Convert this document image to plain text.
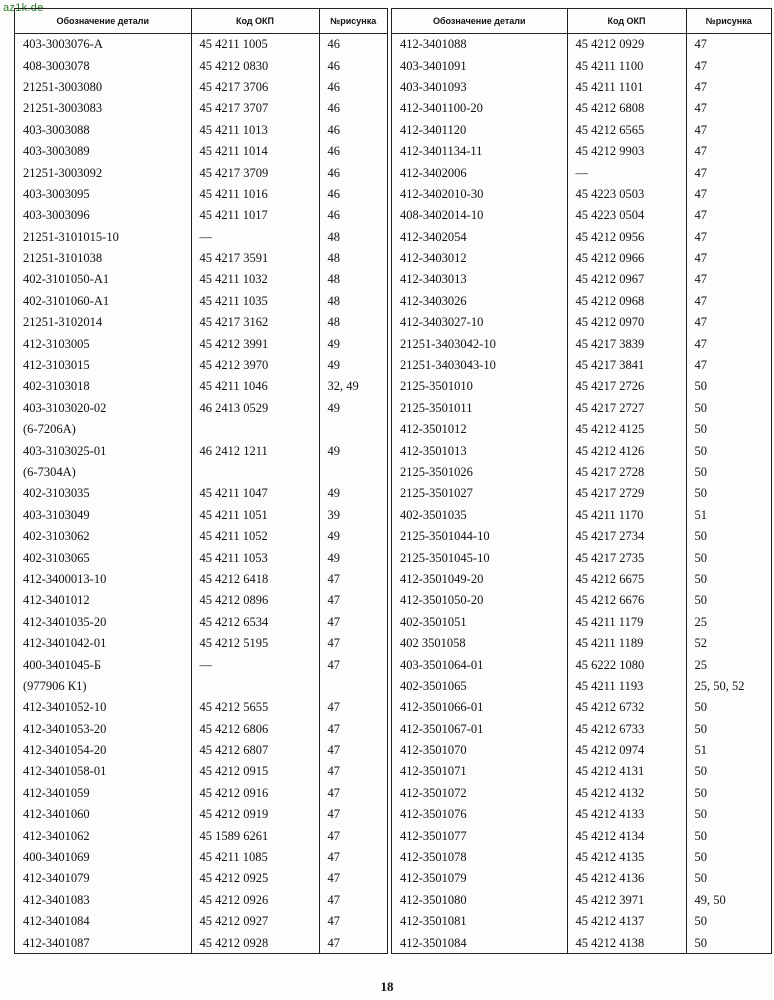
az1k.de
Обозначение детали	Код ОКП	№рисунка
403-3003076-А	45 4211 1005	46
408-3003078	45 4212 0830	46
21251-3003080	45 4217 3706	46
21251-3003083	45 4217 3707	46
403-3003088	45 4211 1013	46
403-3003089	45 4211 1014	46
21251-3003092	45 4217 3709	46
403-3003095	45 4211 1016	46
403-3003096	45 4211 1017	46
21251-3101015-10	—	48
21251-3101038	45 4217 3591	48
402-3101050-А1	45 4211 1032	48
402-3101060-А1	45 4211 1035	48
21251-3102014	45 4217 3162	48
412-3103005	45 4212 3991	49
412-3103015	45 4212 3970	49
402-3103018	45 4211 1046	32, 49
403-3103020-02	46 2413 0529	49
(6-7206А)		
403-3103025-01	46 2412 1211	49
(6-7304А)		
402-3103035	45 4211 1047	49
403-3103049	45 4211 1051	39
402-3103062	45 4211 1052	49
402-3103065	45 4211 1053	49
412-3400013-10	45 4212 6418	47
412-3401012	45 4212 0896	47
412-3401035-20	45 4212 6534	47
412-3401042-01	45 4212 5195	47
400-3401045-Б	—	47
(977906 К1)		
412-3401052-10	45 4212 5655	47
412-3401053-20	45 4212 6806	47
412-3401054-20	45 4212 6807	47
412-3401058-01	45 4212 0915	47
412-3401059	45 4212 0916	47
412-3401060	45 4212 0919	47
412-3401062	45 1589 6261	47
400-3401069	45 4211 1085	47
412-3401079	45 4212 0925	47
412-3401083	45 4212 0926	47
412-3401084	45 4212 0927	47
412-3401087	45 4212 0928	47
Обозначение детали	Код ОКП	№рисунка
412-3401088	45 4212 0929	47
403-3401091	45 4211 1100	47
403-3401093	45 4211 1101	47
412-3401100-20	45 4212 6808	47
412-3401120	45 4212 6565	47
412-3401134-11	45 4212 9903	47
412-3402006	—	47
412-3402010-30	45 4223 0503	47
408-3402014-10	45 4223 0504	47
412-3402054	45 4212 0956	47
412-3403012	45 4212 0966	47
412-3403013	45 4212 0967	47
412-3403026	45 4212 0968	47
412-3403027-10	45 4212 0970	47
21251-3403042-10	45 4217 3839	47
21251-3403043-10	45 4217 3841	47
2125-3501010	45 4217 2726	50
2125-3501011	45 4217 2727	50
412-3501012	45 4212 4125	50
412-3501013	45 4212 4126	50
2125-3501026	45 4217 2728	50
2125-3501027	45 4217 2729	50
402-3501035	45 4211 1170	51
2125-3501044-10	45 4217 2734	50
2125-3501045-10	45 4217 2735	50
412-3501049-20	45 4212 6675	50
412-3501050-20	45 4212 6676	50
402-3501051	45 4211 1179	25
402 3501058	45 4211 1189	52
403-3501064-01	45 6222 1080	25
402-3501065	45 4211 1193	25, 50, 52
412-3501066-01	45 4212 6732	50
412-3501067-01	45 4212 6733	50
412-3501070	45 4212 0974	51
412-3501071	45 4212 4131	50
412-3501072	45 4212 4132	50
412-3501076	45 4212 4133	50
412-3501077	45 4212 4134	50
412-3501078	45 4212 4135	50
412-3501079	45 4212 4136	50
412-3501080	45 4212 3971	49, 50
412-3501081	45 4212 4137	50
412-3501084	45 4212 4138	50
18
